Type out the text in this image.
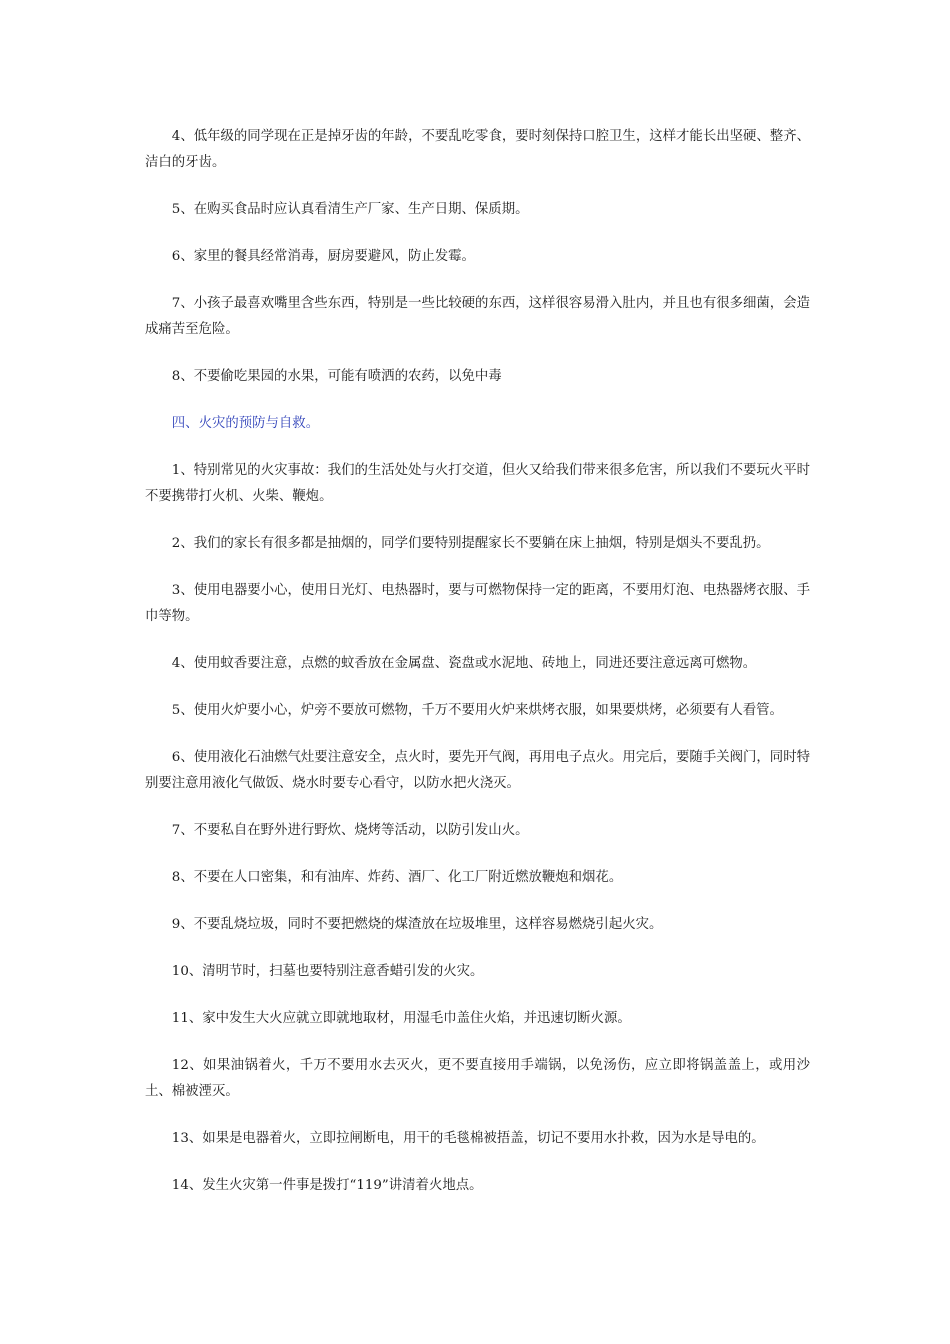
4、低年级的同学现在正是掉牙齿的年龄，不要乱吃零食，要时刻保持口腔卫生，这样才能长出坚硬、整齐、洁白的牙齿。

5、在购买食品时应认真看清生产厂家、生产日期、保质期。

6、家里的餐具经常消毒，厨房要避风，防止发霉。

7、小孩子最喜欢嘴里含些东西，特别是一些比较硬的东西，这样很容易滑入肚内，并且也有很多细菌，会造成痛苦至危险。

8、不要偷吃果园的水果，可能有喷洒的农药，以免中毒

四、火灾的预防与自救。

1、特别常见的火灾事故：我们的生活处处与火打交道，但火又给我们带来很多危害，所以我们不要玩火平时不要携带打火机、火柴、鞭炮。

2、我们的家长有很多都是抽烟的，同学们要特别提醒家长不要躺在床上抽烟，特别是烟头不要乱扔。

3、使用电器要小心，使用日光灯、电热器时，要与可燃物保持一定的距离，不要用灯泡、电热器烤衣服、手巾等物。

4、使用蚊香要注意，点燃的蚊香放在金属盘、瓷盘或水泥地、砖地上，同进还要注意远离可燃物。

5、使用火炉要小心，炉旁不要放可燃物，千万不要用火炉来烘烤衣服，如果要烘烤，必须要有人看管。

6、使用液化石油燃气灶要注意安全，点火时，要先开气阀，再用电子点火。用完后，要随手关阀门，同时特别要注意用液化气做饭、烧水时要专心看守，以防水把火浇灭。

7、不要私自在野外进行野炊、烧烤等活动，以防引发山火。

8、不要在人口密集，和有油库、炸药、酒厂、化工厂附近燃放鞭炮和烟花。

9、不要乱烧垃圾，同时不要把燃烧的煤渣放在垃圾堆里，这样容易燃烧引起火灾。

10、清明节时，扫墓也要特别注意香蜡引发的火灾。

11、家中发生大火应就立即就地取材，用湿毛巾盖住火焰，并迅速切断火源。

12、如果油锅着火，千万不要用水去灭火，更不要直接用手端锅，以免汤伤，应立即将锅盖盖上，或用沙土、棉被湮灭。

13、如果是电器着火，立即拉闸断电，用干的毛毯棉被捂盖，切记不要用水扑救，因为水是导电的。

14、发生火灾第一件事是拨打“119”讲清着火地点。
